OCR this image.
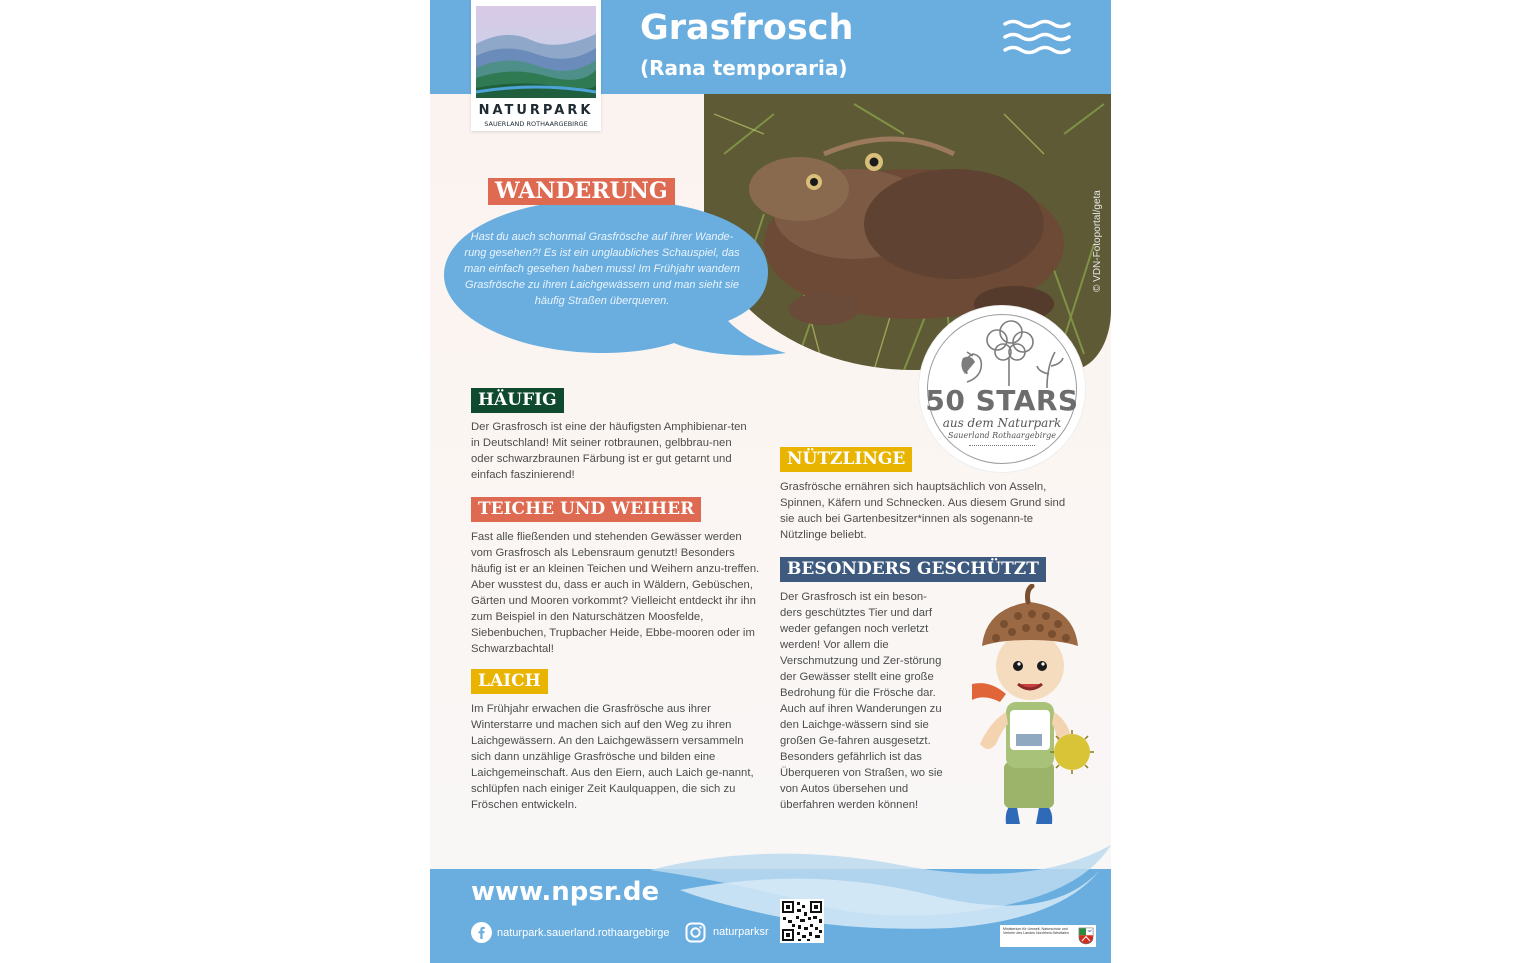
NATURPARK
SAUERLAND ROTHAARGEBIRGE
Grasfrosch
(Rana temporaria)
© VDN-Fotoportal/geta
50 STARS
aus dem Naturpark
Sauerland Rothaargebirge
WANDERUNG
Hast du auch schonmal Grasfrösche auf ihrer Wande-rung gesehen?! Es ist ein unglaubliches Schauspiel, das man einfach gesehen haben muss! Im Frühjahr wandern Grasfrösche zu ihren Laichgewässern und man sieht sie häufig Straßen überqueren.
HÄUFIG
Der Grasfrosch ist eine der häufigsten Amphibienar-ten in Deutschland! Mit seiner rotbraunen, gelbbrau-nen oder schwarzbraunen Färbung ist er gut getarnt und einfach faszinierend!
TEICHE UND WEIHER
Fast alle fließenden und stehenden Gewässer werden vom Grasfrosch als Lebensraum genutzt! Besonders häufig ist er an kleinen Teichen und Weihern anzu-treffen. Aber wusstest du, dass er auch in Wäldern, Gebüschen, Gärten und Mooren vorkommt? Vielleicht entdeckt ihr ihn zum Beispiel in den Naturschätzen Moosfelde, Siebenbuchen, Trupbacher Heide, Ebbe-mooren oder im Schwarzbachtal!
LAICH
Im Frühjahr erwachen die Grasfrösche aus ihrer Winterstarre und machen sich auf den Weg zu ihren Laichgewässern. An den Laichgewässern versammeln sich dann unzählige Grasfrösche und bilden eine Laichgemeinschaft. Aus den Eiern, auch Laich ge-nannt, schlüpfen nach einiger Zeit Kaulquappen, die sich zu Fröschen entwickeln.
NÜTZLINGE
Grasfrösche ernähren sich hauptsächlich von Asseln, Spinnen, Käfern und Schnecken. Aus diesem Grund sind sie auch bei Gartenbesitzer*innen als sogenann-te Nützlinge beliebt.
BESONDERS GESCHÜTZT
Der Grasfrosch ist ein beson-ders geschütztes Tier und darf weder gefangen noch verletzt werden! Vor allem die Verschmutzung und Zer-störung der Gewässer stellt eine große Bedrohung für die Frösche dar. Auch auf ihren Wanderungen zu den Laichge-wässern sind sie großen Ge-fahren ausgesetzt. Besonders gefährlich ist das Überqueren von Straßen, wo sie von Autos übersehen und überfahren werden können!
www.npsr.de
naturpark.sauerland.rothaargebirge	naturparksr	Ministerium für Umwelt, Naturschutz und Verkehr des Landes Nordrhein-Westfalen
